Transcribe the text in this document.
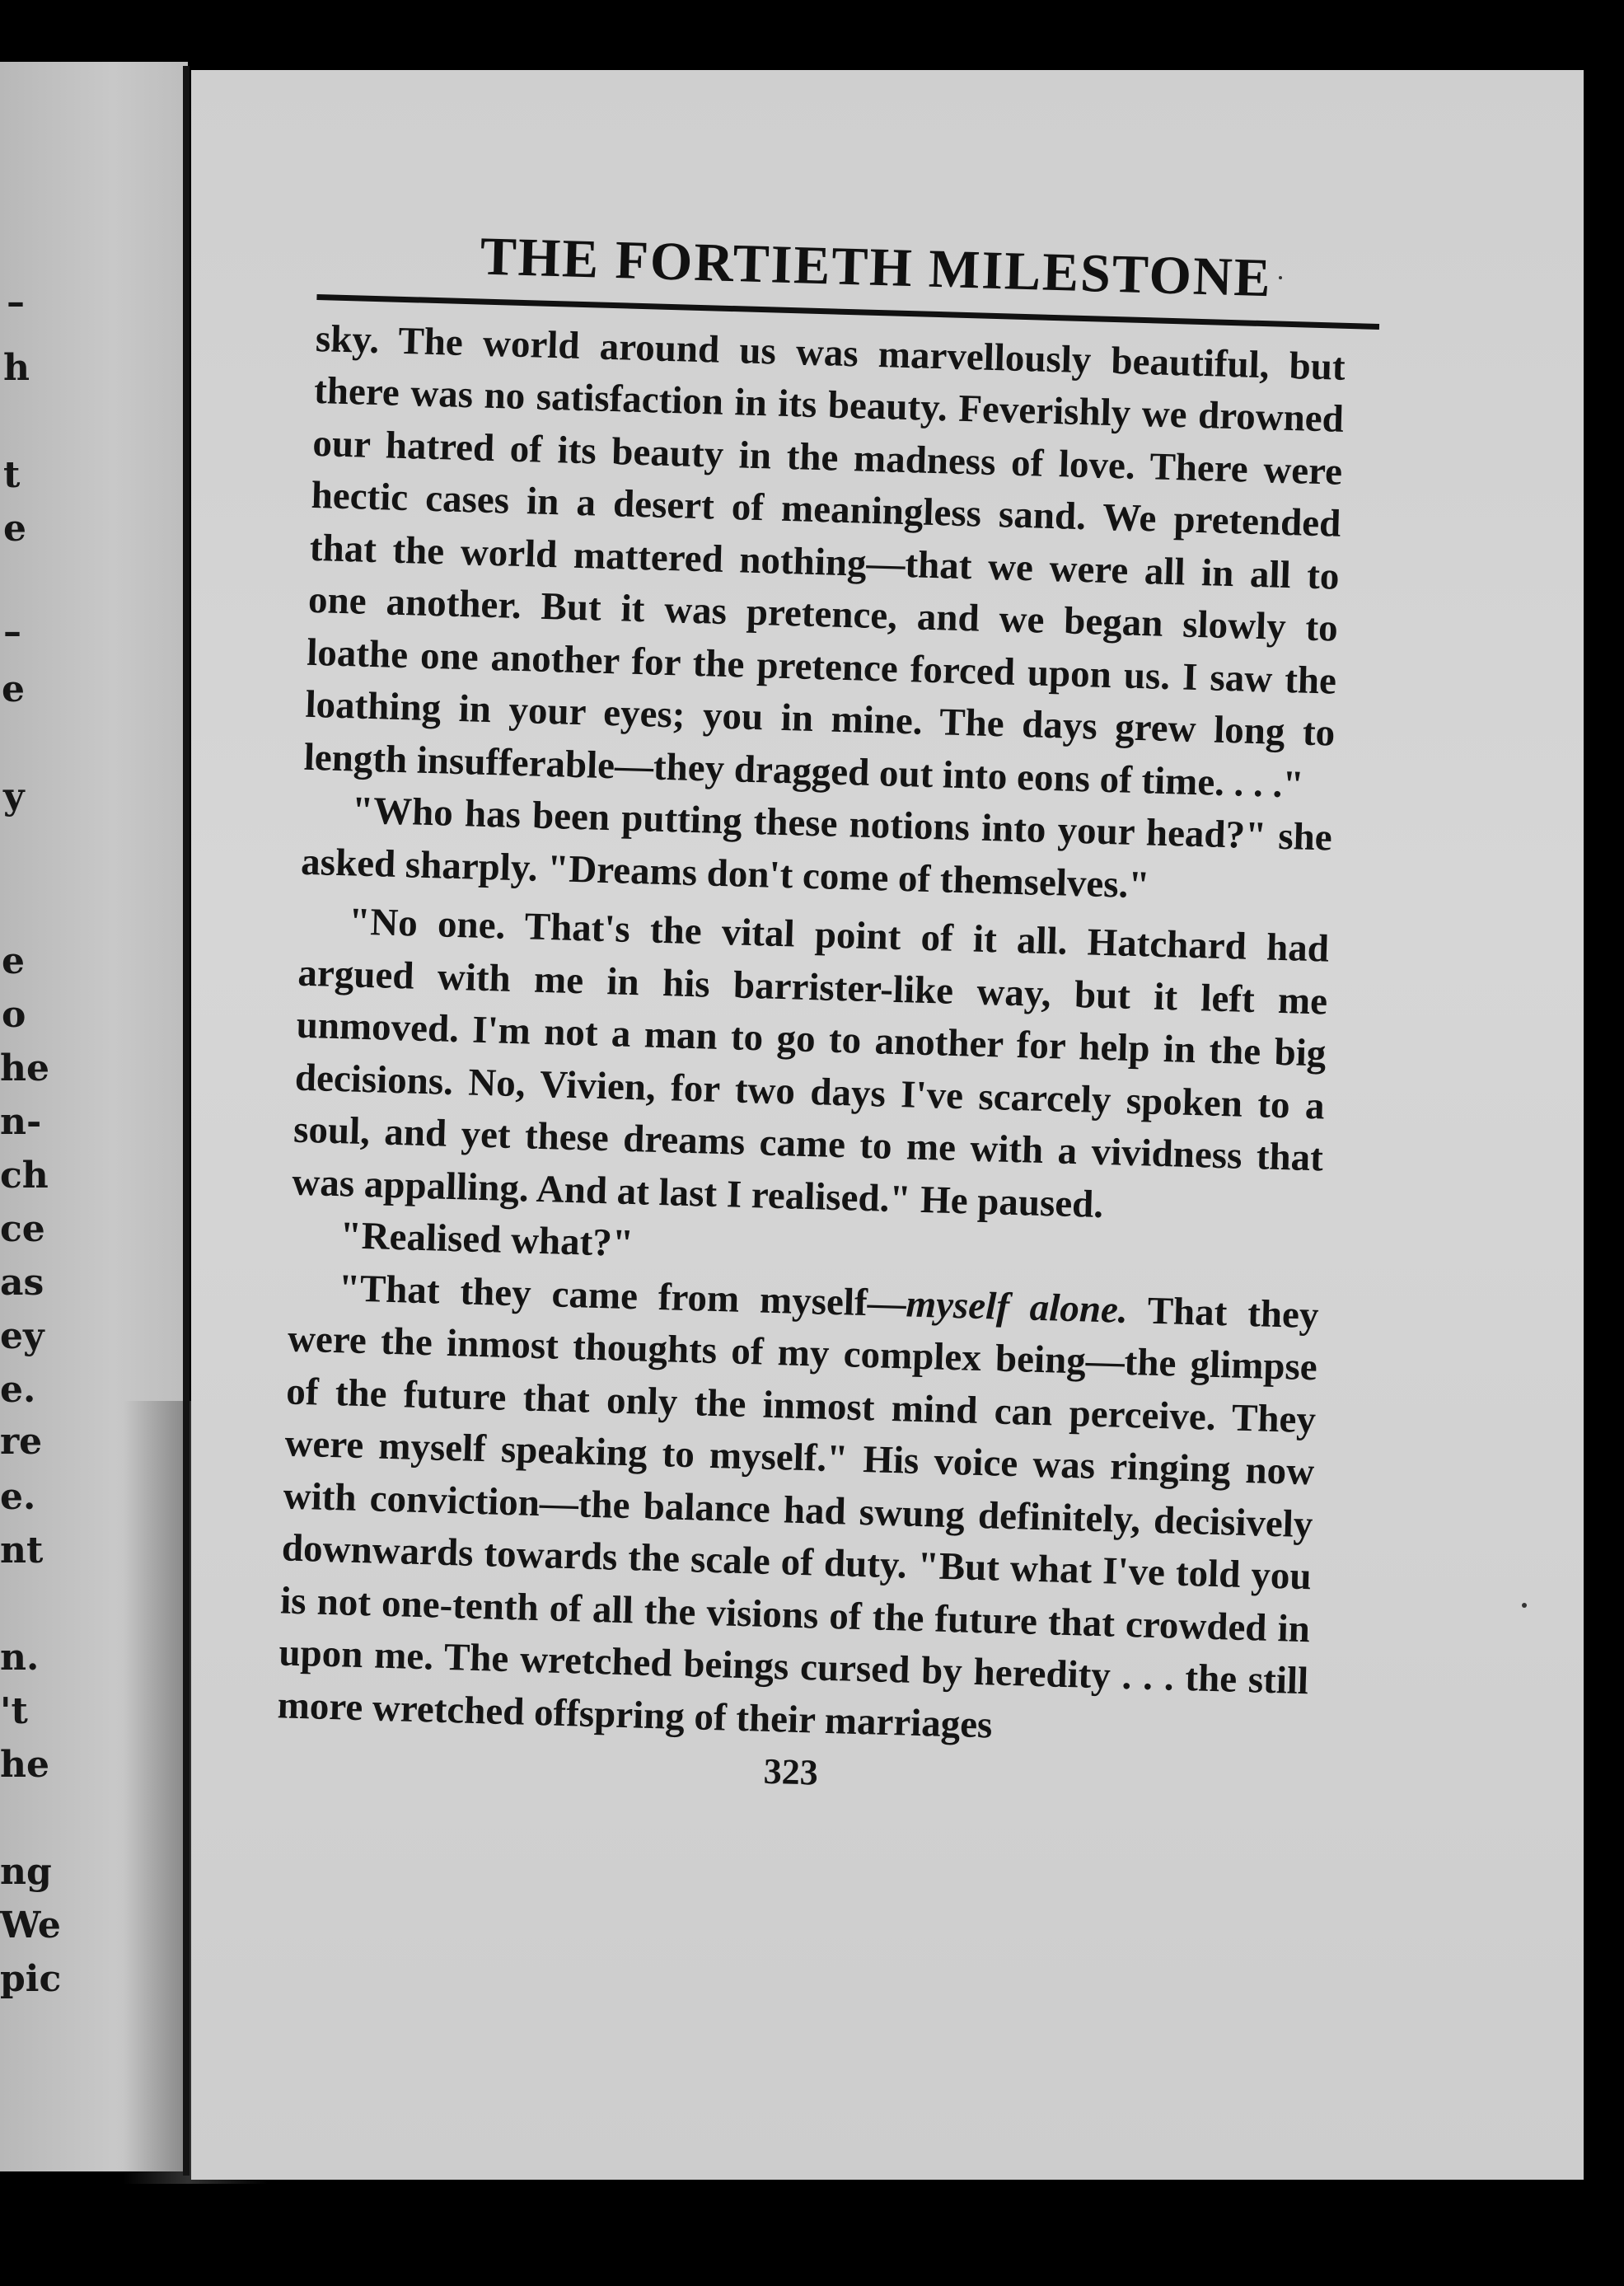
–
h
t
e
–
e
y
e
o
he
n-
ch
ce
as
ey
e.
re
e.
nt
n.
't
he
ng
We
pic
THE FORTIETH MILESTONE

sky. The world around us was marvellously beautiful, but there was no satisfaction in its beauty. Feverishly we drowned our hatred of its beauty in the madness of love. There were hectic cases in a desert of meaningless sand. We pretended that the world mattered nothing—that we were all in all to one another. But it was pretence, and we began slowly to loathe one another for the pretence forced upon us. I saw the loathing in your eyes; you in mine. The days grew long to length insufferable—they dragged out into eons of time. . . ."

"Who has been putting these notions into your head?" she asked sharply. "Dreams don't come of themselves."

"No one. That's the vital point of it all. Hatchard had argued with me in his barrister-like way, but it left me unmoved. I'm not a man to go to another for help in the big decisions. No, Vivien, for two days I've scarcely spoken to a soul, and yet these dreams came to me with a vividness that was appalling. And at last I realised." He paused.

"Realised what?"

"That they came from myself—myself alone. That they were the inmost thoughts of my complex being—the glimpse of the future that only the inmost mind can perceive. They were myself speaking to myself." His voice was ringing now with conviction—the balance had swung definitely, decisively downwards towards the scale of duty. "But what I've told you is not one-tenth of all the visions of the future that crowded in upon me. The wretched beings cursed by heredity . . . the still more wretched offspring of their marriages

323
